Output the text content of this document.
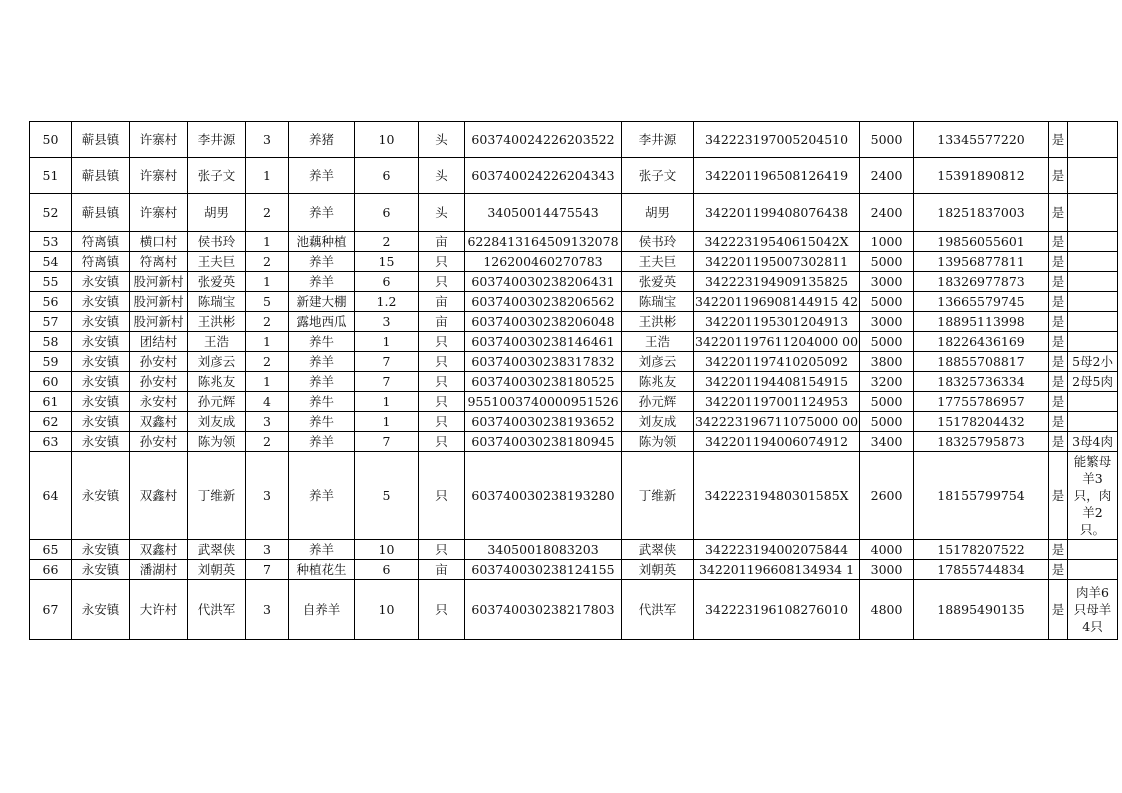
50	蕲县镇	许寨村	李井源	3	养猪	10	头	603740024226203522	李井源	342223197005204510	5000	13345577220	是	
51	蕲县镇	许寨村	张子文	1	养羊	6	头	603740024226204343	张子文	342201196508126419	2400	15391890812	是	
52	蕲县镇	许寨村	胡男	2	养羊	6	头	34050014475543	胡男	342201199408076438	2400	18251837003	是	
53	符离镇	横口村	侯书玲	1	池藕种植	2	亩	6228413164509132078	侯书玲	34222319540615042X	1000	19856055601	是	
54	符离镇	符离村	王夫巨	2	养羊	15	只	126200460270783	王夫巨	342201195007302811	5000	13956877811	是	
55	永安镇	股河新村	张爱英	1	养羊	6	只	603740030238206431	张爱英	342223194909135825	3000	18326977873	是	
56	永安镇	股河新村	陈瑞宝	5	新建大棚	1.2	亩	603740030238206562	陈瑞宝	342201196908144915 42	5000	13665579745	是	
57	永安镇	股河新村	王洪彬	2	露地西瓜	3	亩	603740030238206048	王洪彬	342201195301204913	3000	18895113998	是	
58	永安镇	团结村	王浩	1	养牛	1	只	603740030238146461	王浩	342201197611204000 00	5000	18226436169	是	
59	永安镇	孙安村	刘彦云	2	养羊	7	只	603740030238317832	刘彦云	342201197410205092	3800	18855708817	是	5母2小
60	永安镇	孙安村	陈兆友	1	养羊	7	只	603740030238180525	陈兆友	342201194408154915	3200	18325736334	是	2母5肉
61	永安镇	永安村	孙元辉	4	养牛	1	只	9551003740000951526	孙元辉	342201197001124953	5000	17755786957	是	
62	永安镇	双鑫村	刘友成	3	养牛	1	只	603740030238193652	刘友成	342223196711075000 00	5000	15178204432	是	
63	永安镇	孙安村	陈为领	2	养羊	7	只	603740030238180945	陈为领	342201194006074912	3400	18325795873	是	3母4肉
64	永安镇	双鑫村	丁维新	3	养羊	5	只	603740030238193280	丁维新	34222319480301585X	2600	18155799754	是	能繁母羊3只，肉羊2只。
65	永安镇	双鑫村	武翠侠	3	养羊	10	只	34050018083203	武翠侠	342223194002075844	4000	15178207522	是	
66	永安镇	潘湖村	刘朝英	7	种植花生	6	亩	603740030238124155	刘朝英	342201196608134934 1	3000	17855744834	是	
67	永安镇	大许村	代洪军	3	自养羊	10	只	603740030238217803	代洪军	342223196108276010	4800	18895490135	是	肉羊6只母羊4只
